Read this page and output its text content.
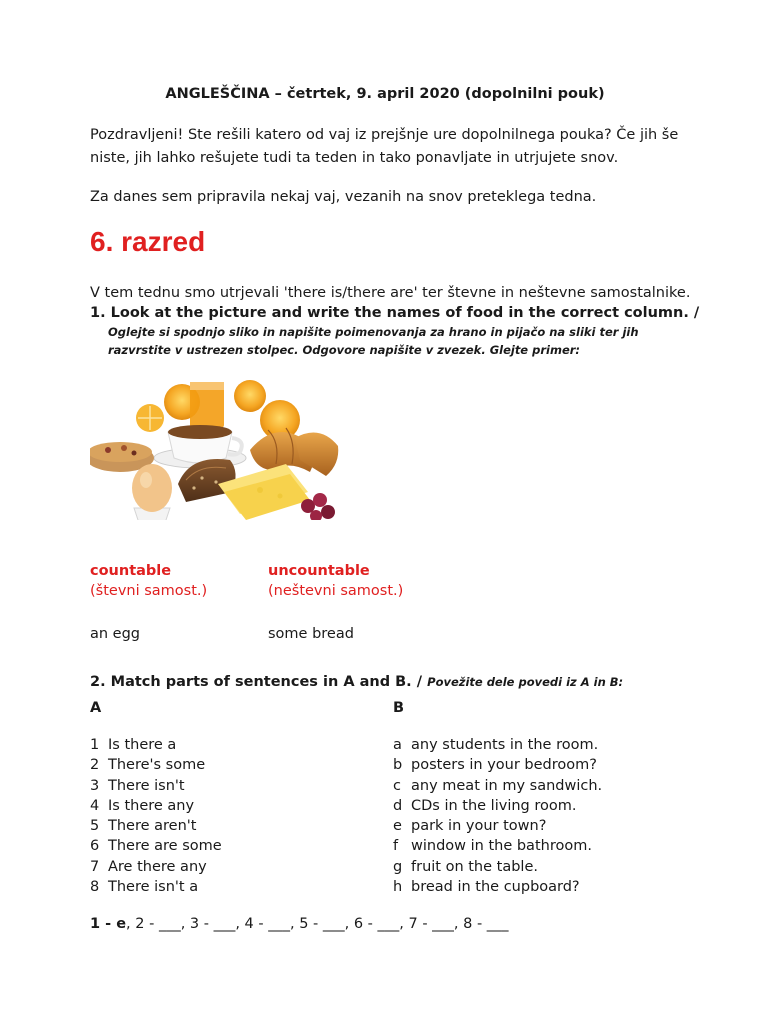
ANGLEŠČINA – četrtek, 9. april 2020 (dopolnilni pouk)
Pozdravljeni! Ste rešili katero od vaj iz prejšnje ure dopolnilnega pouka? Če jih še
niste, jih lahko rešujete tudi ta teden in tako ponavljate in utrjujete snov.
Za danes sem pripravila nekaj vaj, vezanih na snov preteklega tedna.
6. razred
V tem tednu smo utrjevali 'there is/there are' ter števne in neštevne samostalnike.
1. Look at the picture and write the names of food in the correct column. /
Oglejte si spodnjo sliko in napišite poimenovanja za hrano in pijačo na sliki ter jih
razvrstite v ustrezen stolpec. Odgovore napišite v zvezek. Glejte primer:
countable
(števni samost.)
uncountable
(neštevni samost.)
an egg	some bread
2. Match parts of sentences in A and B. / Povežite dele povedi iz A in B:
A	B
1 Is there a
2 There's some
3 There isn't
4 Is there any
5 There aren't
6 There are some
7 Are there any
8 There isn't a
a any students in the room.
b posters in your bedroom?
c any meat in my sandwich.
d CDs in the living room.
e park in your town?
f window in the bathroom.
g fruit on the table.
h bread in the cupboard?
1 - e, 2 - ___, 3 - ___, 4 - ___, 5 - ___, 6 - ___, 7 - ___, 8 - ___
